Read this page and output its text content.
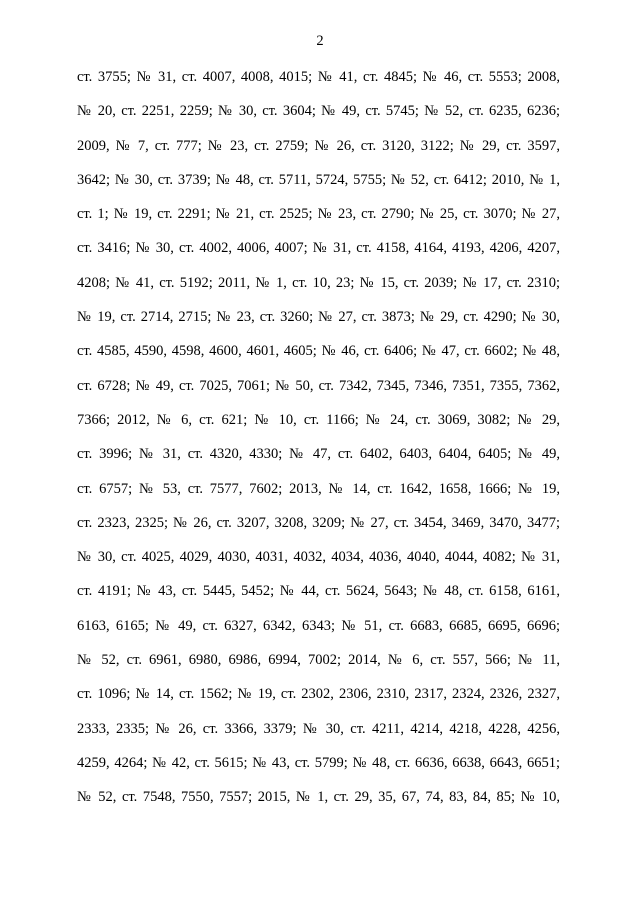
2
ст. 3755; № 31, ст. 4007, 4008, 4015; № 41, ст. 4845; № 46, ст. 5553; 2008,
№ 20, ст. 2251, 2259; № 30, ст. 3604; № 49, ст. 5745; № 52, ст. 6235, 6236;
2009, № 7, ст. 777; № 23, ст. 2759; № 26, ст. 3120, 3122; № 29, ст. 3597,
3642; № 30, ст. 3739; № 48, ст. 5711, 5724, 5755; № 52, ст. 6412; 2010, № 1,
ст. 1; № 19, ст. 2291; № 21, ст. 2525; № 23, ст. 2790; № 25, ст. 3070; № 27,
ст. 3416; № 30, ст. 4002, 4006, 4007; № 31, ст. 4158, 4164, 4193, 4206, 4207,
4208; № 41, ст. 5192; 2011, № 1, ст. 10, 23; № 15, ст. 2039; № 17, ст. 2310;
№ 19, ст. 2714, 2715; № 23, ст. 3260; № 27, ст. 3873; № 29, ст. 4290; № 30,
ст. 4585, 4590, 4598, 4600, 4601, 4605; № 46, ст. 6406; № 47, ст. 6602; № 48,
ст. 6728; № 49, ст. 7025, 7061; № 50, ст. 7342, 7345, 7346, 7351, 7355, 7362,
7366; 2012, № 6, ст. 621; № 10, ст. 1166; № 24, ст. 3069, 3082; № 29,
ст. 3996; № 31, ст. 4320, 4330; № 47, ст. 6402, 6403, 6404, 6405; № 49,
ст. 6757; № 53, ст. 7577, 7602; 2013, № 14, ст. 1642, 1658, 1666; № 19,
ст. 2323, 2325; № 26, ст. 3207, 3208, 3209; № 27, ст. 3454, 3469, 3470, 3477;
№ 30, ст. 4025, 4029, 4030, 4031, 4032, 4034, 4036, 4040, 4044, 4082; № 31,
ст. 4191; № 43, ст. 5445, 5452; № 44, ст. 5624, 5643; № 48, ст. 6158, 6161,
6163, 6165; № 49, ст. 6327, 6342, 6343; № 51, ст. 6683, 6685, 6695, 6696;
№ 52, ст. 6961, 6980, 6986, 6994, 7002; 2014, № 6, ст. 557, 566; № 11,
ст. 1096; № 14, ст. 1562; № 19, ст. 2302, 2306, 2310, 2317, 2324, 2326, 2327,
2333, 2335; № 26, ст. 3366, 3379; № 30, ст. 4211, 4214, 4218, 4228, 4256,
4259, 4264; № 42, ст. 5615; № 43, ст. 5799; № 48, ст. 6636, 6638, 6643, 6651;
№ 52, ст. 7548, 7550, 7557; 2015, № 1, ст. 29, 35, 67, 74, 83, 84, 85; № 10,
